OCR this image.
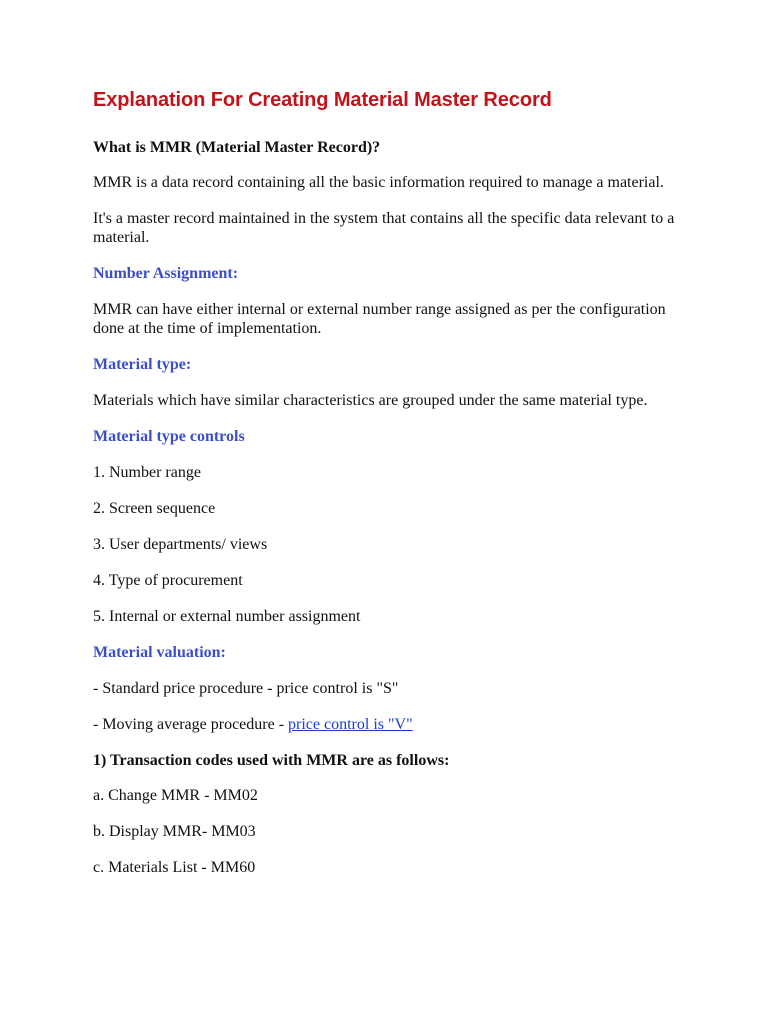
Explanation For Creating Material Master Record
What is MMR (Material Master Record)?

MMR is a data record containing all the basic information required to manage a material.

It's a master record maintained in the system that contains all the specific data relevant to a material.

Number Assignment:

MMR can have either internal or external number range assigned as per the configuration done at the time of implementation.

Material type:

Materials which have similar characteristics are grouped under the same material type.

Material type controls
1. Number range
2. Screen sequence
3. User departments/ views
4. Type of procurement
5. Internal or external number assignment
Material valuation:
- Standard price procedure - price control is "S"
- Moving average procedure - price control is "V"
1) Transaction codes used with MMR are as follows:
a. Change MMR - MM02
b. Display MMR- MM03
c. Materials List - MM60
